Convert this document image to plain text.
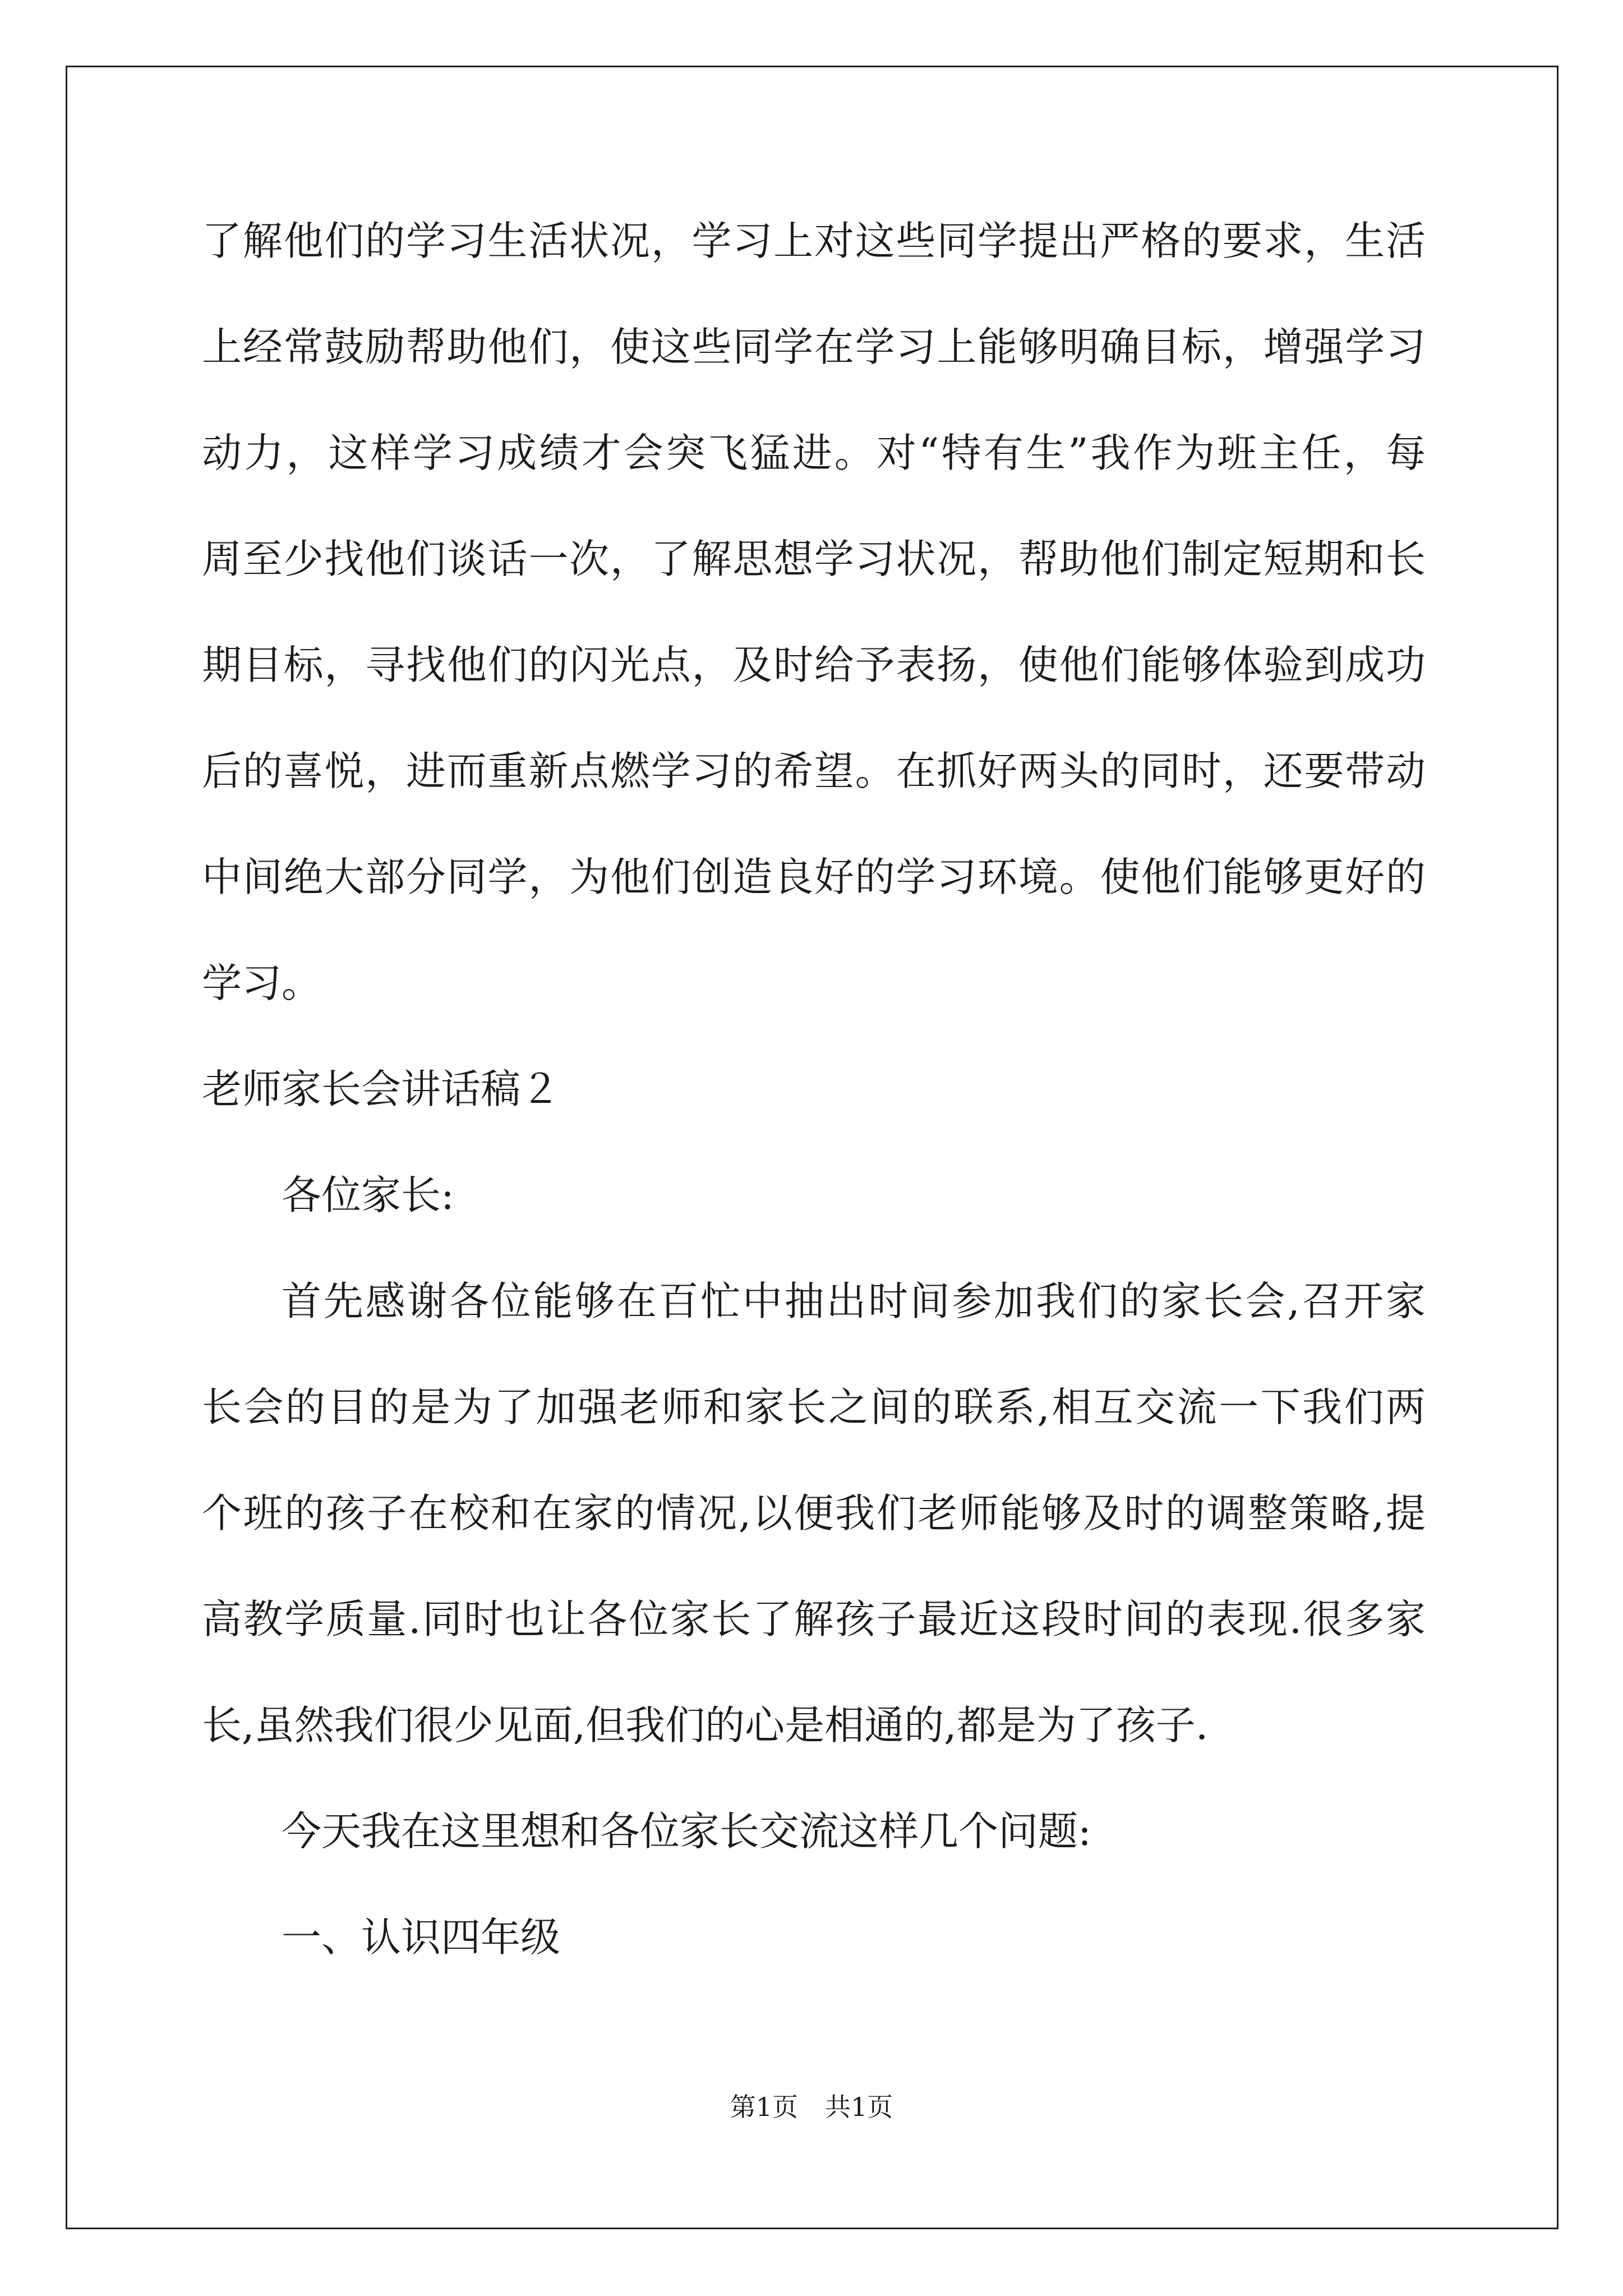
了解他们的学习生活状况，学习上对这些同学提出严格的要求，生活
上经常鼓励帮助他们，使这些同学在学习上能够明确目标，增强学习
动力，这样学习成绩才会突飞猛进。对“特有生”我作为班主任，每
周至少找他们谈话一次，了解思想学习状况，帮助他们制定短期和长
期目标，寻找他们的闪光点，及时给予表扬，使他们能够体验到成功
后的喜悦，进而重新点燃学习的希望。在抓好两头的同时，还要带动
中间绝大部分同学，为他们创造良好的学习环境。使他们能够更好的
学习。
老师家长会讲话稿２
各位家长:
首先感谢各位能够在百忙中抽出时间参加我们的家长会,召开家
长会的目的是为了加强老师和家长之间的联系,相互交流一下我们两
个班的孩子在校和在家的情况,以便我们老师能够及时的调整策略,提
高教学质量.同时也让各位家长了解孩子最近这段时间的表现.很多家
长,虽然我们很少见面,但我们的心是相通的,都是为了孩子.
今天我在这里想和各位家长交流这样几个问题:
一、认识四年级
第1页 共1页
